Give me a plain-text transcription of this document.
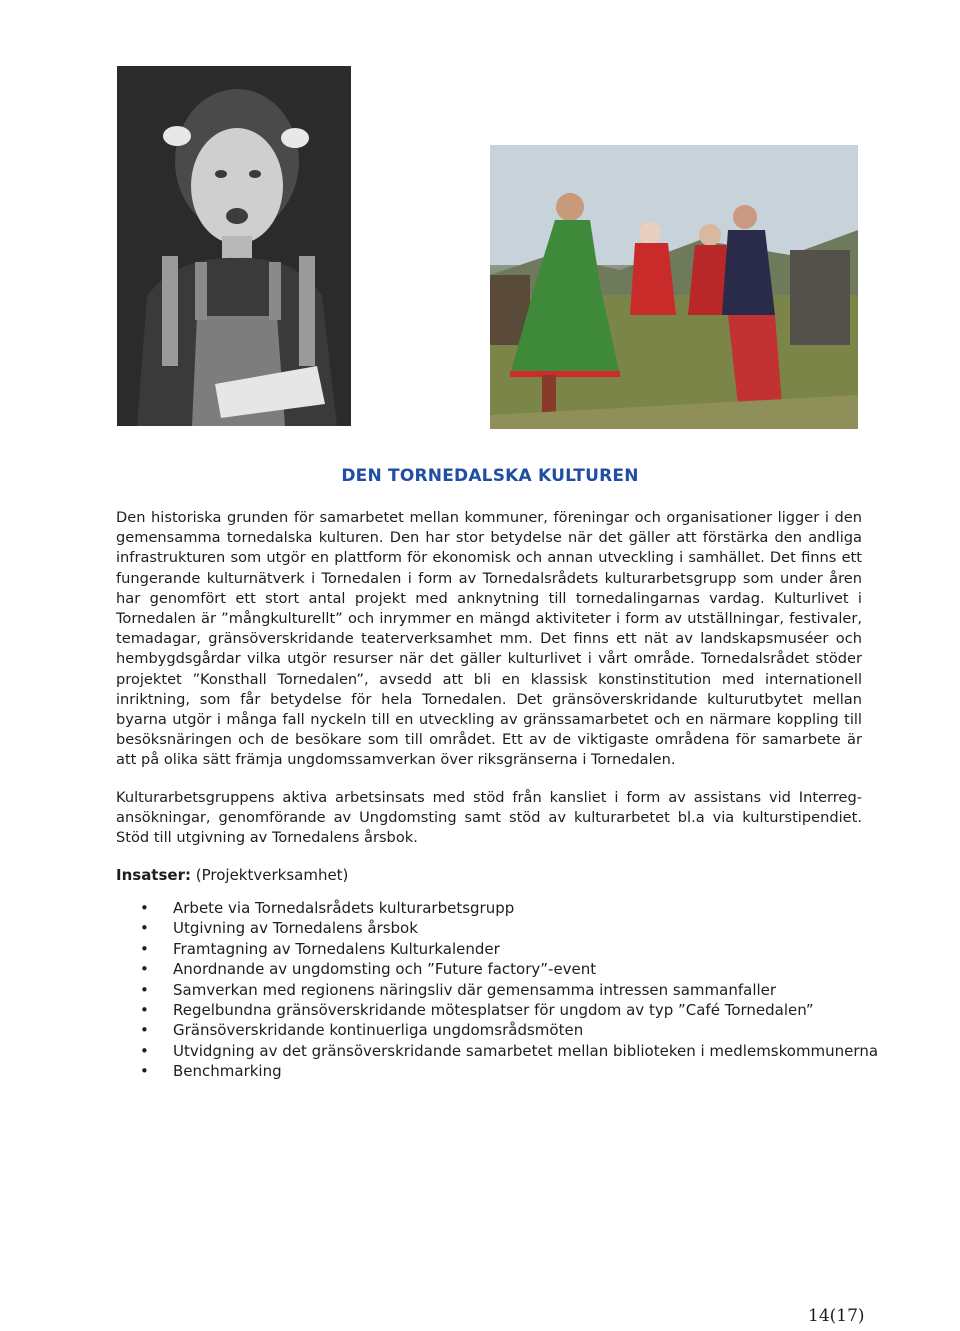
DEN TORNEDALSKA KULTUREN

Den historiska grunden för samarbetet mellan kommuner, föreningar och organisationer ligger i den gemensamma tornedalska kulturen. Den har stor betydelse när det gäller att förstärka den andliga infrastrukturen som utgör en plattform för ekonomisk och annan utveckling i samhället. Det finns ett fungerande kulturnätverk i Tornedalen i form av Tornedalsrådets kulturarbetsgrupp som under åren har genomfört ett stort antal projekt med anknytning till tornedalingarnas vardag. Kulturlivet i Tornedalen är ”mångkulturellt” och inrymmer en mängd aktiviteter i form av utställningar, festivaler, temadagar, gränsöverskridande teaterverksamhet mm. Det finns ett nät av landskapsmuséer och hembygdsgårdar vilka utgör resurser när det gäller kulturlivet i vårt område. Tornedalsrådet stöder projektet ”Konsthall Tornedalen”, avsedd att bli en klassisk konstinstitution med internationell inriktning, som får betydelse för hela Tornedalen. Det gränsöverskridande kulturutbytet mellan byarna utgör i många fall nyckeln till en utveckling av gränssamarbetet och en närmare koppling till besöksnäringen och de besökare som till området. Ett av de viktigaste områdena för samarbete är att på olika sätt främja ungdomssamverkan över riksgränserna i Tornedalen.

Kulturarbetsgruppens aktiva arbetsinsats med stöd från kansliet i form av assistans vid Interreg-ansökningar, genomförande av Ungdomsting samt stöd av kulturarbetet bl.a via kulturstipendiet. Stöd till utgivning av Tornedalens årsbok.

Insatser: (Projektverksamhet)
• Arbete via Tornedalsrådets kulturarbetsgrupp
• Utgivning av Tornedalens årsbok
• Framtagning av Tornedalens Kulturkalender
• Anordnande av ungdomsting och ”Future factory”-event
• Samverkan med regionens näringsliv där gemensamma intressen sammanfaller
• Regelbundna gränsöverskridande mötesplatser för ungdom av typ ”Café Tornedalen”
• Gränsöverskridande kontinuerliga ungdomsrådsmöten
• Utvidgning av det gränsöverskridande samarbetet mellan biblioteken i medlemskommunerna
• Benchmarking
14(17)
